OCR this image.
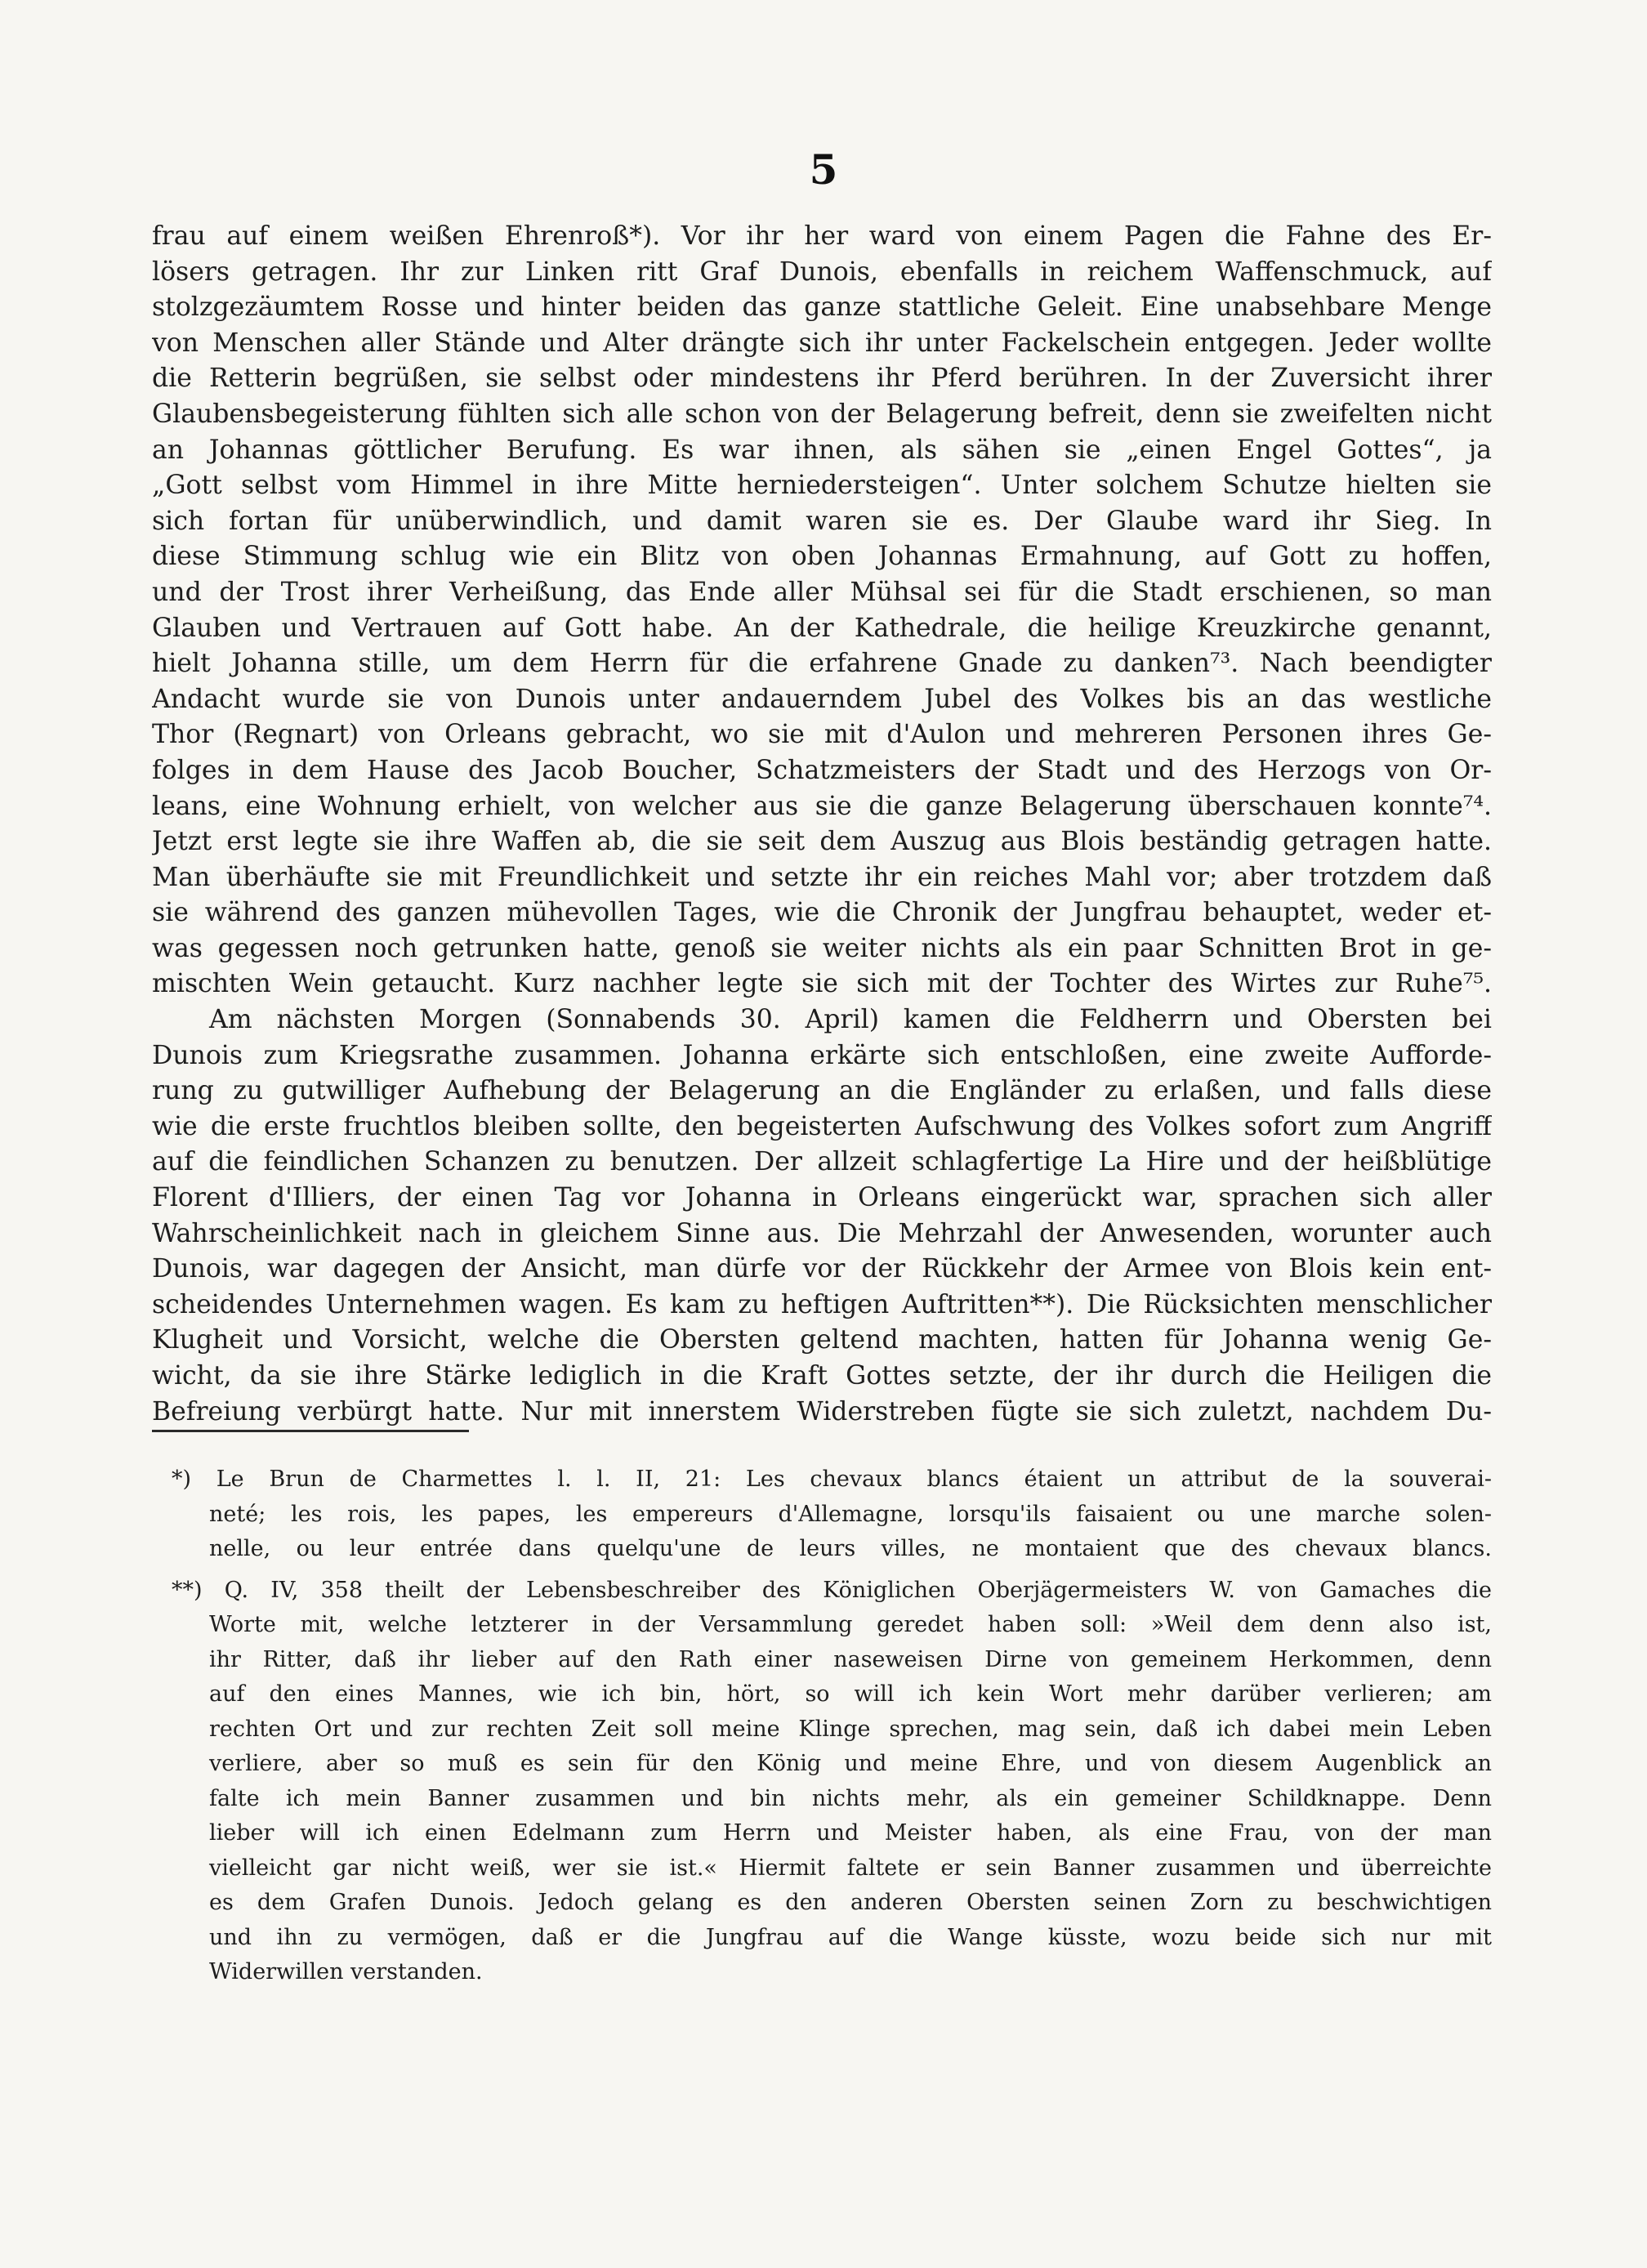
5
frau auf einem weißen Ehrenroß*). Vor ihr her ward von einem Pagen die Fahne des Er-
lösers getragen. Ihr zur Linken ritt Graf Dunois, ebenfalls in reichem Waffenschmuck, auf
stolzgezäumtem Rosse und hinter beiden das ganze stattliche Geleit. Eine unabsehbare Menge
von Menschen aller Stände und Alter drängte sich ihr unter Fackelschein entgegen. Jeder wollte
die Retterin begrüßen, sie selbst oder mindestens ihr Pferd berühren. In der Zuversicht ihrer
Glaubensbegeisterung fühlten sich alle schon von der Belagerung befreit, denn sie zweifelten nicht
an Johannas göttlicher Berufung. Es war ihnen, als sähen sie „einen Engel Gottes“, ja
„Gott selbst vom Himmel in ihre Mitte herniedersteigen“. Unter solchem Schutze hielten sie
sich fortan für unüberwindlich, und damit waren sie es. Der Glaube ward ihr Sieg. In
diese Stimmung schlug wie ein Blitz von oben Johannas Ermahnung, auf Gott zu hoffen,
und der Trost ihrer Verheißung, das Ende aller Mühsal sei für die Stadt erschienen, so man
Glauben und Vertrauen auf Gott habe. An der Kathedrale, die heilige Kreuzkirche genannt,
hielt Johanna stille, um dem Herrn für die erfahrene Gnade zu danken⁷³. Nach beendigter
Andacht wurde sie von Dunois unter andauerndem Jubel des Volkes bis an das westliche
Thor (Regnart) von Orleans gebracht, wo sie mit d'Aulon und mehreren Personen ihres Ge-
folges in dem Hause des Jacob Boucher, Schatzmeisters der Stadt und des Herzogs von Or-
leans, eine Wohnung erhielt, von welcher aus sie die ganze Belagerung überschauen konnte⁷⁴.
Jetzt erst legte sie ihre Waffen ab, die sie seit dem Auszug aus Blois beständig getragen hatte.
Man überhäufte sie mit Freundlichkeit und setzte ihr ein reiches Mahl vor; aber trotzdem daß
sie während des ganzen mühevollen Tages, wie die Chronik der Jungfrau behauptet, weder et-
was gegessen noch getrunken hatte, genoß sie weiter nichts als ein paar Schnitten Brot in ge-
mischten Wein getaucht. Kurz nachher legte sie sich mit der Tochter des Wirtes zur Ruhe⁷⁵.
Am nächsten Morgen (Sonnabends 30. April) kamen die Feldherrn und Obersten bei
Dunois zum Kriegsrathe zusammen. Johanna erkärte sich entschloßen, eine zweite Aufforde-
rung zu gutwilliger Aufhebung der Belagerung an die Engländer zu erlaßen, und falls diese
wie die erste fruchtlos bleiben sollte, den begeisterten Aufschwung des Volkes sofort zum Angriff
auf die feindlichen Schanzen zu benutzen. Der allzeit schlagfertige La Hire und der heißblütige
Florent d'Illiers, der einen Tag vor Johanna in Orleans eingerückt war, sprachen sich aller
Wahrscheinlichkeit nach in gleichem Sinne aus. Die Mehrzahl der Anwesenden, worunter auch
Dunois, war dagegen der Ansicht, man dürfe vor der Rückkehr der Armee von Blois kein ent-
scheidendes Unternehmen wagen. Es kam zu heftigen Auftritten**). Die Rücksichten menschlicher
Klugheit und Vorsicht, welche die Obersten geltend machten, hatten für Johanna wenig Ge-
wicht, da sie ihre Stärke lediglich in die Kraft Gottes setzte, der ihr durch die Heiligen die
Befreiung verbürgt hatte. Nur mit innerstem Widerstreben fügte sie sich zuletzt, nachdem Du-
*) Le Brun de Charmettes l. l. II, 21: Les chevaux blancs étaient un attribut de la souverai-
neté; les rois, les papes, les empereurs d'Allemagne, lorsqu'ils faisaient ou une marche solen-
nelle, ou leur entrée dans quelqu'une de leurs villes, ne montaient que des chevaux blancs.
**) Q. IV, 358 theilt der Lebensbeschreiber des Königlichen Oberjägermeisters W. von Gamaches die
Worte mit, welche letzterer in der Versammlung geredet haben soll: »Weil dem denn also ist,
ihr Ritter, daß ihr lieber auf den Rath einer naseweisen Dirne von gemeinem Herkommen, denn
auf den eines Mannes, wie ich bin, hört, so will ich kein Wort mehr darüber verlieren; am
rechten Ort und zur rechten Zeit soll meine Klinge sprechen, mag sein, daß ich dabei mein Leben
verliere, aber so muß es sein für den König und meine Ehre, und von diesem Augenblick an
falte ich mein Banner zusammen und bin nichts mehr, als ein gemeiner Schildknappe. Denn
lieber will ich einen Edelmann zum Herrn und Meister haben, als eine Frau, von der man
vielleicht gar nicht weiß, wer sie ist.« Hiermit faltete er sein Banner zusammen und überreichte
es dem Grafen Dunois. Jedoch gelang es den anderen Obersten seinen Zorn zu beschwichtigen
und ihn zu vermögen, daß er die Jungfrau auf die Wange küsste, wozu beide sich nur mit
Widerwillen verstanden.
